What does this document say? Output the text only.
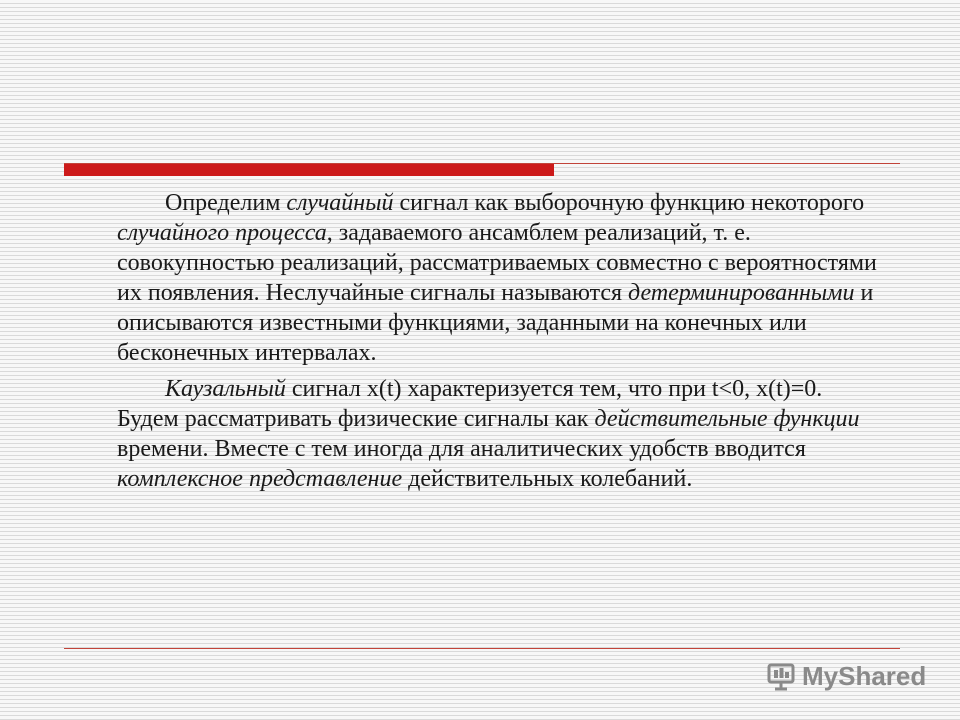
Определим случайный сигнал как выборочную функцию некоторого случайного процесса, задаваемого ансамблем реализаций, т. е. совокупностью реализаций, рассматриваемых совместно с вероятностями их появления. Неслучайные сигналы называются детерминированными и описываются известными функциями, заданными на конечных или бесконечных интервалах.

Каузальный сигнал x(t) характеризуется тем, что при t<0, x(t)=0. Будем рассматривать физические сигналы как действительные функции времени. Вместе с тем иногда для аналитических удобств вводится комплексное представление действительных колебаний.

MyShared
